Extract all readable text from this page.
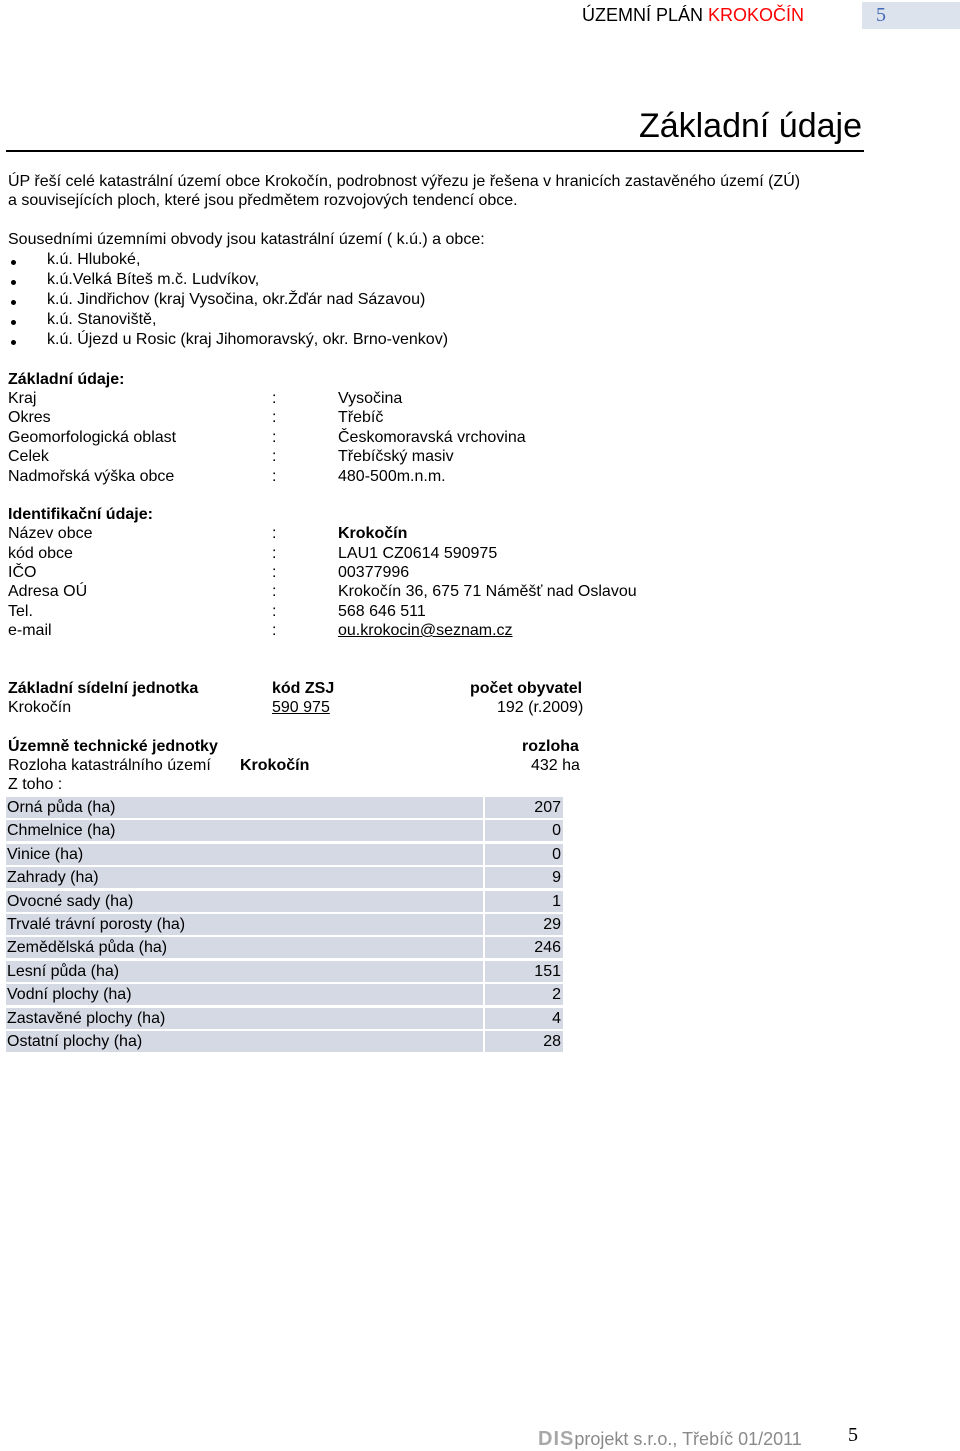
ÚZEMNÍ PLÁN KROKOČÍN	5
Základní údaje
ÚP řeší celé katastrální území obce Krokočín, podrobnost výřezu je řešena v hranicích zastavěného území (ZÚ)
a souvisejících ploch, které jsou předmětem rozvojových tendencí obce.
Sousedními územními obvody jsou katastrální území ( k.ú.) a obce:
k.ú. Hluboké,
k.ú.Velká Bíteš m.č. Ludvíkov,
k.ú. Jindřichov (kraj Vysočina, okr.Žďár nad Sázavou)
k.ú. Stanoviště,
k.ú. Újezd u Rosic (kraj Jihomoravský, okr. Brno-venkov)
Základní údaje:
Kraj	:	Vysočina
Okres	:	Třebíč
Geomorfologická oblast	:	Českomoravská vrchovina
Celek	:	Třebíčský masiv
Nadmořská výška obce	:	480-500m.n.m.
Identifikační údaje:
Název obce	:	Krokočín
kód obce	:	LAU1 CZ0614 590975
IČO	:	00377996
Adresa OÚ	:	Krokočín 36, 675 71 Náměšť nad Oslavou
Tel.	:	568 646 511
e-mail	:	ou.krokocin@seznam.cz
Základní sídelní jednotka	kód ZSJ	počet obyvatel
Krokočín	590 975	192 (r.2009)
Územně technické jednotky	rozloha
Rozloha katastrálního území Krokočín	432 ha
Z toho :
Orná půda (ha)	207
Chmelnice (ha)	0
Vinice (ha)	0
Zahrady (ha)	9
Ovocné sady (ha)	1
Trvalé trávní porosty (ha)	29
Zemědělská půda (ha)	246
Lesní půda (ha)	151
Vodní plochy (ha)	2
Zastavěné plochy (ha)	4
Ostatní plochy (ha)	28
DISprojekt s.r.o., Třebíč 01/2011 5
